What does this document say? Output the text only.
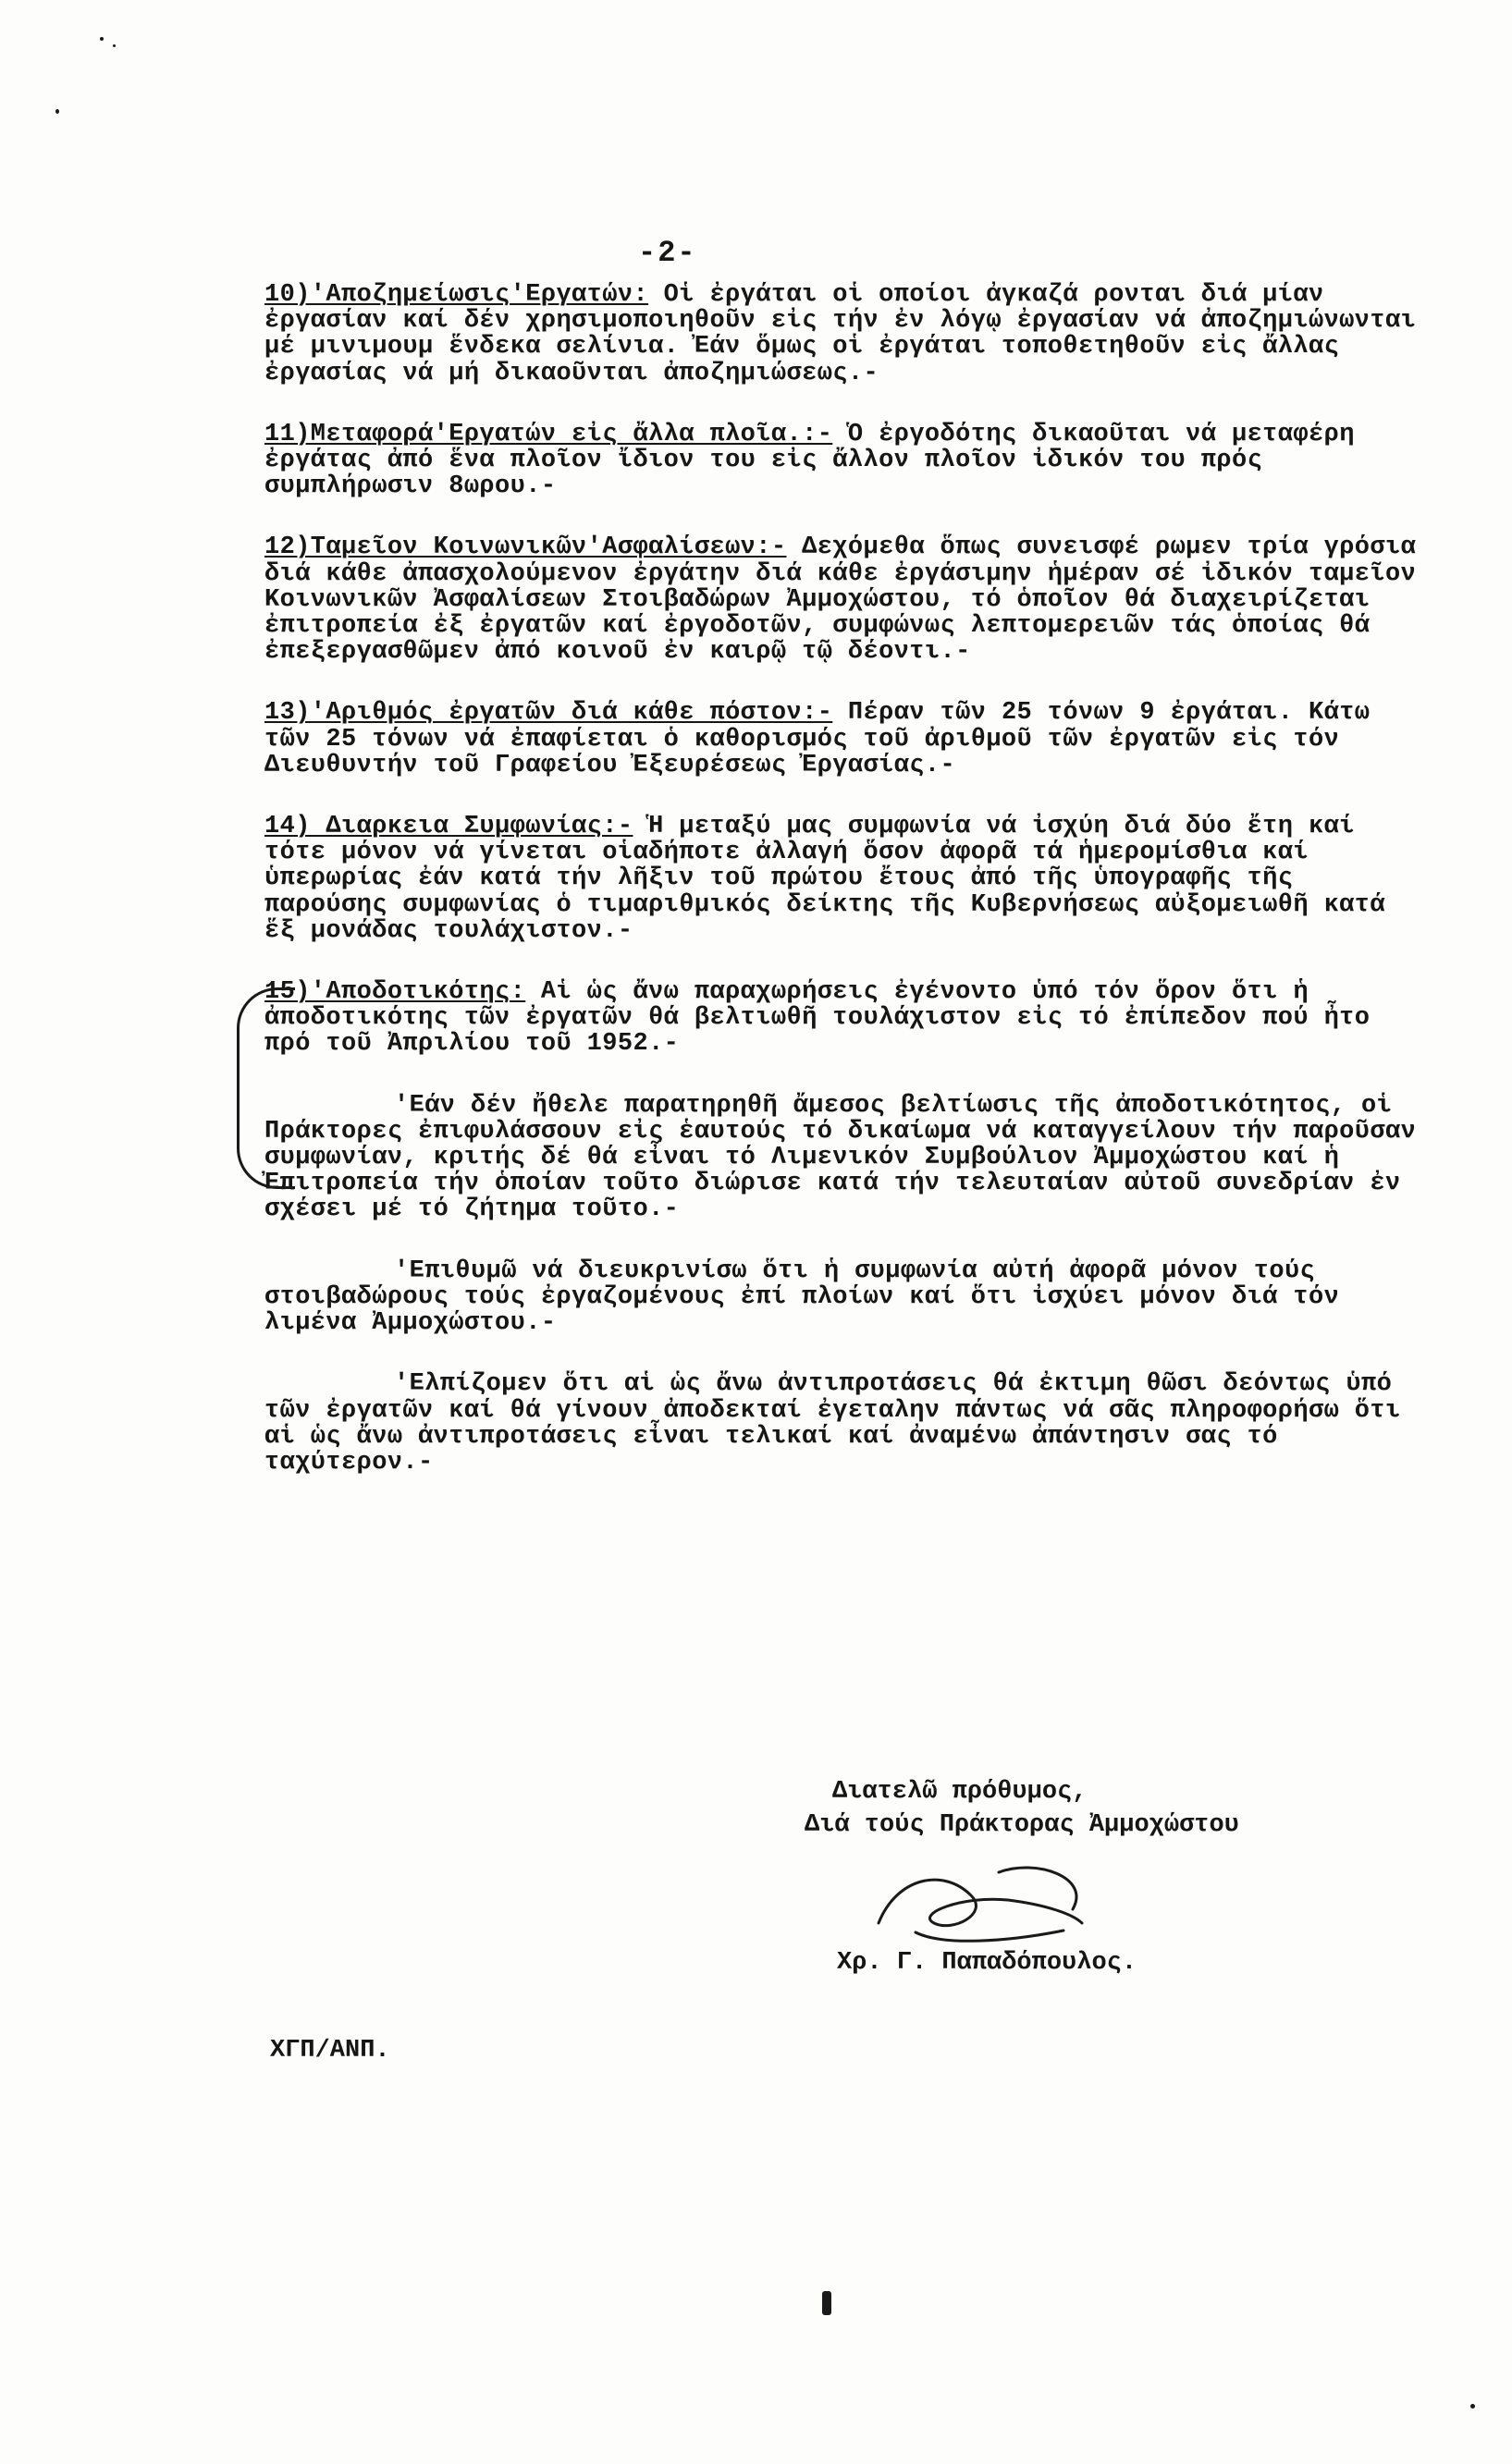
-2-
10)'Αποζημείωσις'Εργατών: Οἱ ἐργάται οἱ οποίοι ἀγκαζά ρονται διά μίαν ἐργασίαν καί δέν χρησιμοποιηθοῦν εἰς τήν ἐν λόγῳ ἐργασίαν νά ἀποζημιώνωνται μέ μινιμουμ ἕνδεκα σελίνια. Ἐάν ὅμως οἱ ἐργάται τοποθετηθοῦν εἰς ἄλλας ἐργασίας νά μή δικαοῦνται ἀποζημιώσεως.-
11)Μεταφορά'Εργατών εἰς ἄλλα πλοῖα.:- Ὁ ἐργοδότης δικαοῦται νά μεταφέρη ἐργάτας ἀπό ἕνα πλοῖον ἴδιον του εἰς ἄλλον πλοῖον ἰδικόν του πρός συμπλήρωσιν 8ωρου.-
12)Ταμεῖον Κοινωνικῶν'Ασφαλίσεων:- Δεχόμεθα ὅπως συνεισφέ ρωμεν τρία γρόσια διά κάθε ἀπασχολούμενον ἐργάτην διά κάθε ἐργάσιμην ἡμέραν σέ ἰδικόν ταμεῖον Κοινωνικῶν Ἀσφαλίσεων Στοιβαδώρων Ἀμμοχώστου, τό ὁποῖον θά διαχειρίζεται ἐπιτροπεία ἐξ ἐργατῶν καί ἐργοδοτῶν, συμφώνως λεπτομερειῶν τάς ὁποίας θά ἐπεξεργασθῶμεν ἀπό κοινοῦ ἐν καιρῷ τῷ δέοντι.-
13)'Αριθμός ἐργατῶν διά κάθε πόστον:- Πέραν τῶν 25 τόνων 9 ἐργάται. Κάτω τῶν 25 τόνων νά ἐπαφίεται ὁ καθορισμός τοῦ ἀριθμοῦ τῶν ἐργατῶν εἰς τόν Διευθυντήν τοῦ Γραφείου Ἐξευρέσεως Ἐργασίας.-
14) Διαρκεια Συμφωνίας:- Ἡ μεταξύ μας συμφωνία νά ἰσχύη διά δύο ἔτη καί τότε μόνον νά γίνεται οἱαδήποτε ἀλλαγή ὅσον ἀφορᾶ τά ἡμερομίσθια καί ὑπερωρίας ἐάν κατά τήν λῆξιν τοῦ πρώτου ἔτους ἀπό τῆς ὑπογραφῆς τῆς παρούσης συμφωνίας ὁ τιμαριθμικός δείκτης τῆς Κυβερνήσεως αὐξομειωθῆ κατά ἕξ μονάδας τουλάχιστον.-
15)'Αποδοτικότης: Αἱ ὡς ἄνω παραχωρήσεις ἐγένοντο ὑπό τόν ὅρον ὅτι ἡ ἀποδοτικότης τῶν ἐργατῶν θά βελτιωθῆ τουλάχιστον εἰς τό ἐπίπεδον πού ἦτο πρό τοῦ Ἀπριλίου τοῦ 1952.-
'Εάν δέν ἤθελε παρατηρηθῆ ἄμεσος βελτίωσις τῆς ἀποδοτικότητος, οἱ Πράκτορες ἐπιφυλάσσουν εἰς ἑαυτούς τό δικαίωμα νά καταγγείλουν τήν παροῦσαν συμφωνίαν, κριτής δέ θά εἶναι τό Λιμενικόν Συμβούλιον Ἀμμοχώστου καί ἡ Ἐπιτροπεία τήν ὁποίαν τοῦτο διώρισε κατά τήν τελευταίαν αὐτοῦ συνεδρίαν ἐν σχέσει μέ τό ζήτημα τοῦτο.-
'Επιθυμῶ νά διευκρινίσω ὅτι ἡ συμφωνία αὐτή ἀφορᾶ μόνον τούς στοιβαδώρους τούς ἐργαζομένους ἐπί πλοίων καί ὅτι ἰσχύει μόνον διά τόν λιμένα Ἀμμοχώστου.-
'Ελπίζομεν ὅτι αἱ ὡς ἄνω ἀντιπροτάσεις θά ἐκτιμη θῶσι δεόντως ὑπό τῶν ἐργατῶν καί θά γίνουν ἀποδεκταί ἐγεταλην πάντως νά σᾶς πληροφορήσω ὅτι αἱ ὡς ἄνω ἀντιπροτάσεις εἶναι τελικαί καί ἀναμένω ἀπάντησιν σας τό ταχύτερον.-
Διατελῶ πρόθυμος,
Διά τούς Πράκτορας Ἀμμοχώστου
Χρ. Γ. Παπαδόπουλος.
ΧΓΠ/ΑΝΠ.
